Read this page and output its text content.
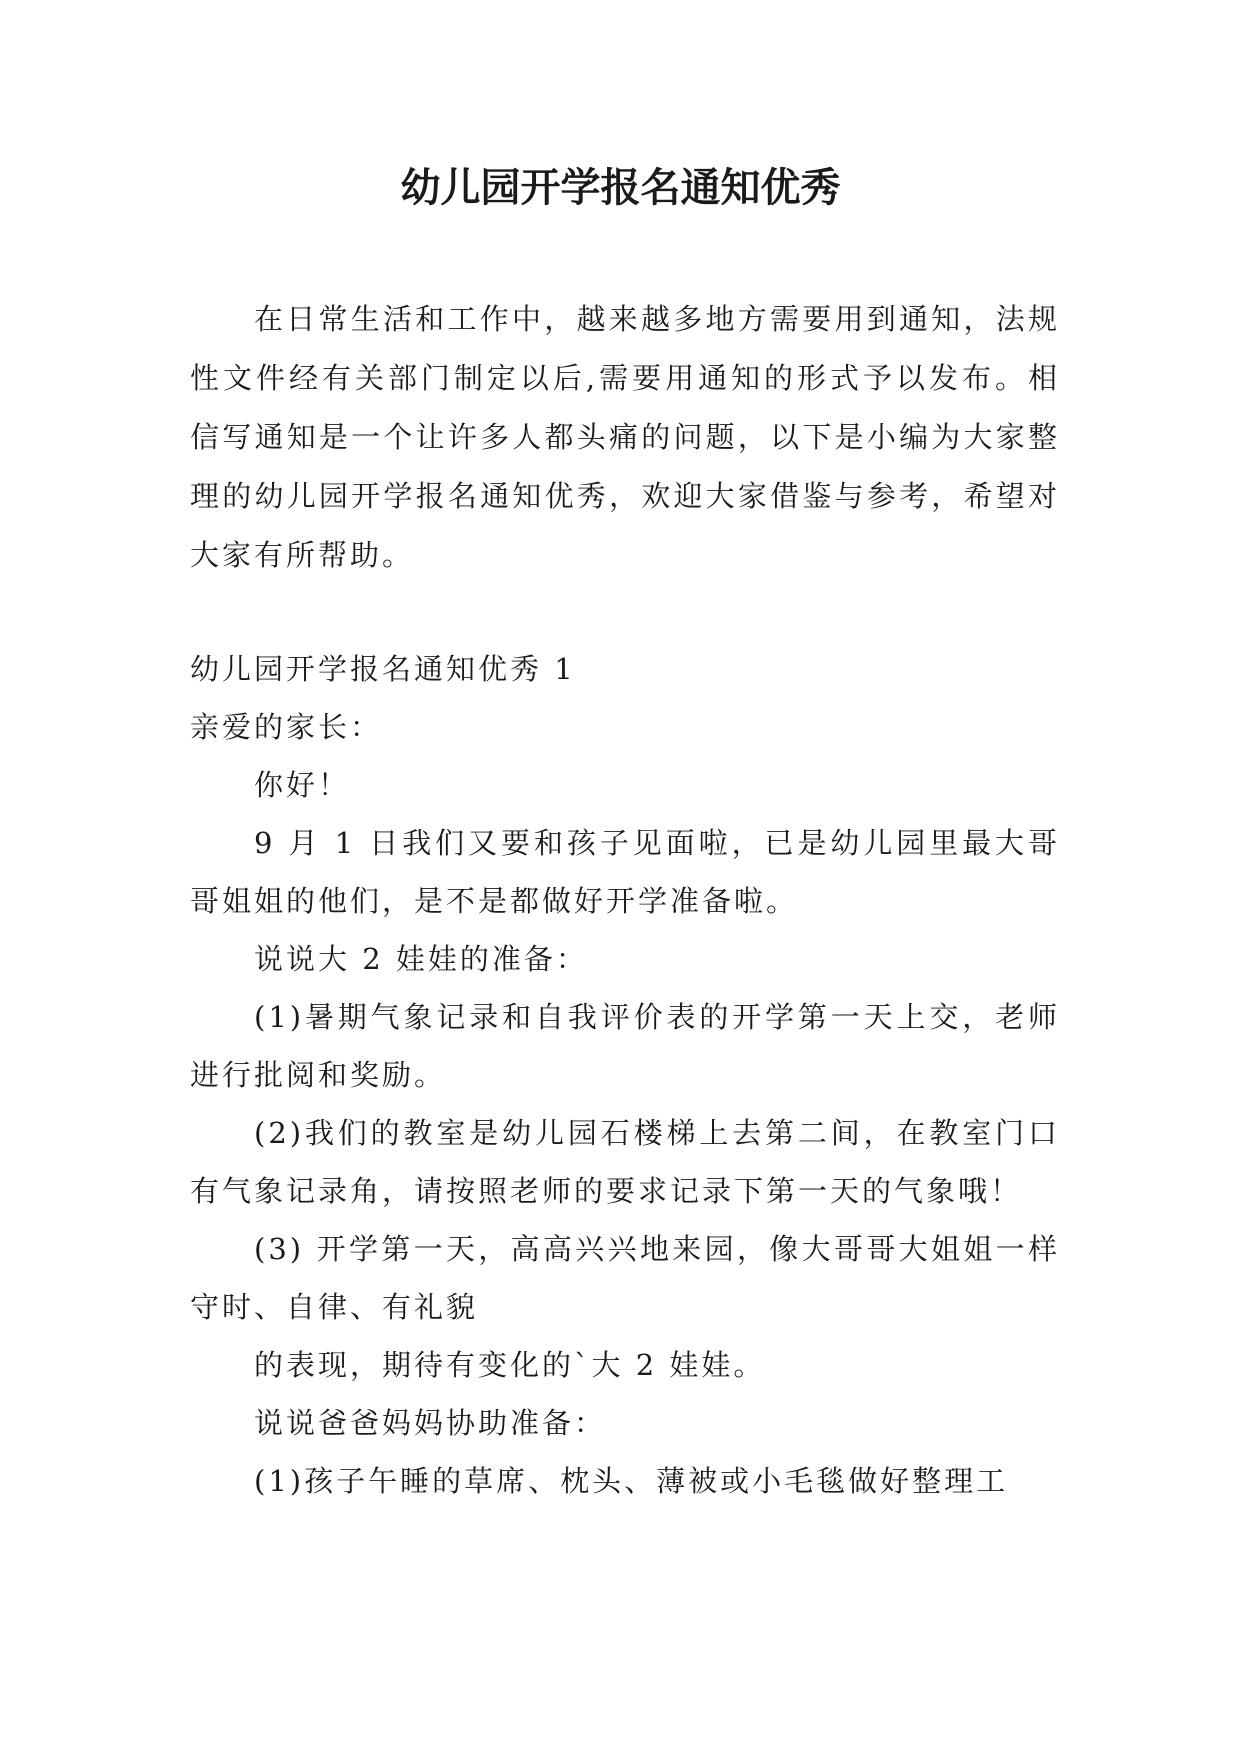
幼儿园开学报名通知优秀

在日常生活和工作中，越来越多地方需要用到通知，法规性文件经有关部门制定以后,需要用通知的形式予以发布。相信写通知是一个让许多人都头痛的问题，以下是小编为大家整理的幼儿园开学报名通知优秀，欢迎大家借鉴与参考，希望对大家有所帮助。

幼儿园开学报名通知优秀 1

亲爱的家长：

你好！

9 月 1 日我们又要和孩子见面啦，已是幼儿园里最大哥哥姐姐的他们，是不是都做好开学准备啦。

说说大 2 娃娃的准备：

(1)暑期气象记录和自我评价表的开学第一天上交，老师进行批阅和奖励。

(2)我们的教室是幼儿园石楼梯上去第二间，在教室门口有气象记录角，请按照老师的要求记录下第一天的气象哦！

(3) 开学第一天，高高兴兴地来园，像大哥哥大姐姐一样守时、自律、有礼貌

的表现，期待有变化的`大 2 娃娃。

说说爸爸妈妈协助准备：

(1)孩子午睡的草席、枕头、薄被或小毛毯做好整理工
